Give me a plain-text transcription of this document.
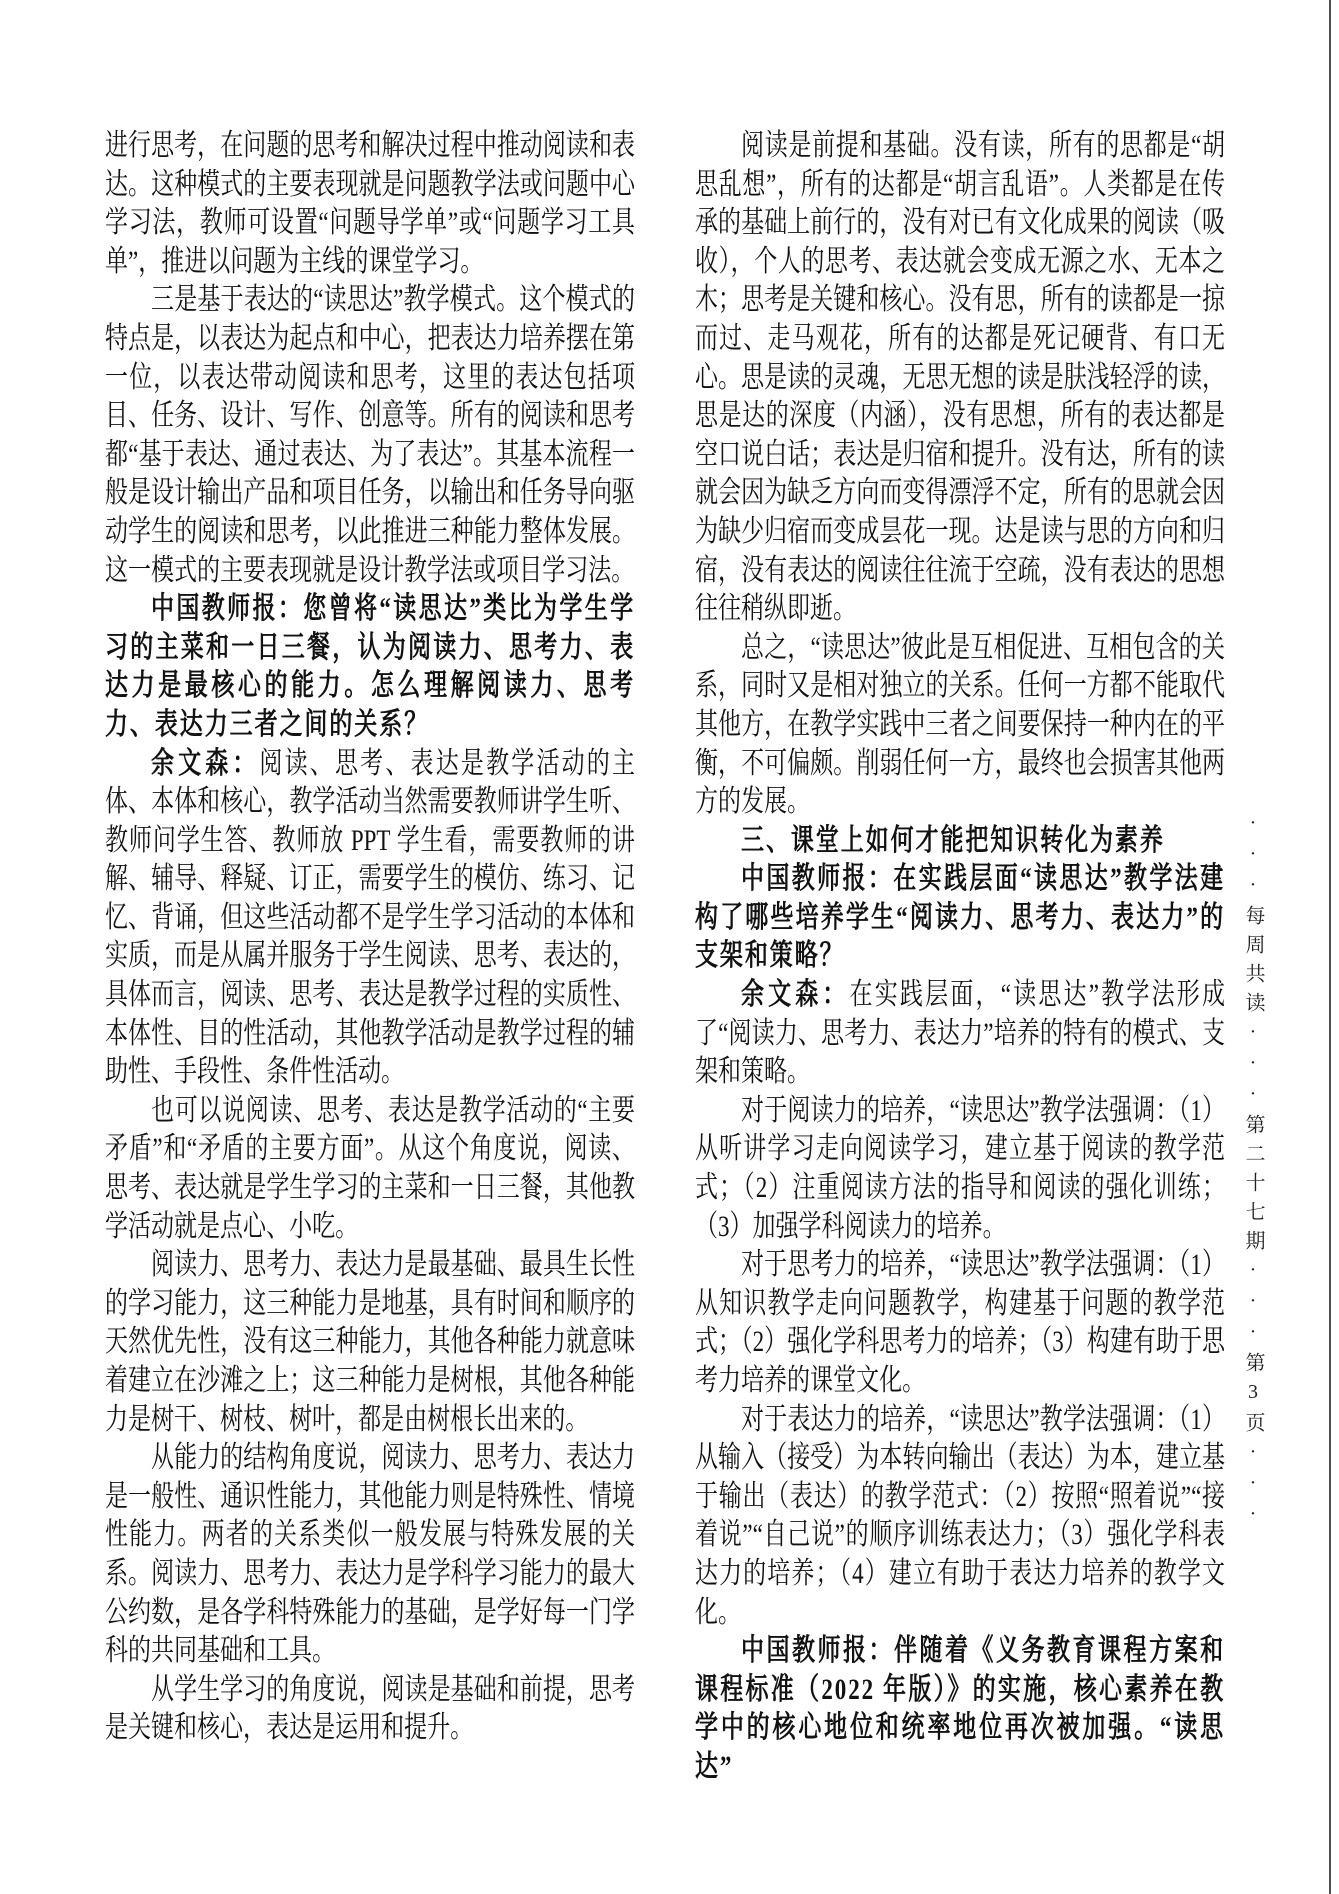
进行思考，在问题的思考和解决过程中推动阅读和表达。这种模式的主要表现就是问题教学法或问题中心学习法，教师可设置“问题导学单”或“问题学习工具单”，推进以问题为主线的课堂学习。

三是基于表达的“读思达”教学模式。这个模式的特点是，以表达为起点和中心，把表达力培养摆在第一位，以表达带动阅读和思考，这里的表达包括项目、任务、设计、写作、创意等。所有的阅读和思考都“基于表达、通过表达、为了表达”。其基本流程一般是设计输出产品和项目任务，以输出和任务导向驱动学生的阅读和思考，以此推进三种能力整体发展。这一模式的主要表现就是设计教学法或项目学习法。

中国教师报：您曾将“读思达”类比为学生学习的主菜和一日三餐，认为阅读力、思考力、表达力是最核心的能力。怎么理解阅读力、思考力、表达力三者之间的关系？

余文森：阅读、思考、表达是教学活动的主体、本体和核心，教学活动当然需要教师讲学生听、教师问学生答、教师放 PPT 学生看，需要教师的讲解、辅导、释疑、订正，需要学生的模仿、练习、记忆、背诵，但这些活动都不是学生学习活动的本体和实质，而是从属并服务于学生阅读、思考、表达的，具体而言，阅读、思考、表达是教学过程的实质性、本体性、目的性活动，其他教学活动是教学过程的辅助性、手段性、条件性活动。

也可以说阅读、思考、表达是教学活动的“主要矛盾”和“矛盾的主要方面”。从这个角度说，阅读、思考、表达就是学生学习的主菜和一日三餐，其他教学活动就是点心、小吃。

阅读力、思考力、表达力是最基础、最具生长性的学习能力，这三种能力是地基，具有时间和顺序的天然优先性，没有这三种能力，其他各种能力就意味着建立在沙滩之上；这三种能力是树根，其他各种能力是树干、树枝、树叶，都是由树根长出来的。

从能力的结构角度说，阅读力、思考力、表达力是一般性、通识性能力，其他能力则是特殊性、情境性能力。两者的关系类似一般发展与特殊发展的关系。阅读力、思考力、表达力是学科学习能力的最大公约数，是各学科特殊能力的基础，是学好每一门学科的共同基础和工具。

从学生学习的角度说，阅读是基础和前提，思考是关键和核心，表达是运用和提升。

阅读是前提和基础。没有读，所有的思都是“胡思乱想”，所有的达都是“胡言乱语”。人类都是在传承的基础上前行的，没有对已有文化成果的阅读（吸收），个人的思考、表达就会变成无源之水、无本之木；思考是关键和核心。没有思，所有的读都是一掠而过、走马观花，所有的达都是死记硬背、有口无心。思是读的灵魂，无思无想的读是肤浅轻浮的读，思是达的深度（内涵），没有思想，所有的表达都是空口说白话；表达是归宿和提升。没有达，所有的读就会因为缺乏方向而变得漂浮不定，所有的思就会因为缺少归宿而变成昙花一现。达是读与思的方向和归宿，没有表达的阅读往往流于空疏，没有表达的思想往往稍纵即逝。

总之，“读思达”彼此是互相促进、互相包含的关系，同时又是相对独立的关系。任何一方都不能取代其他方，在教学实践中三者之间要保持一种内在的平衡，不可偏颇。削弱任何一方，最终也会损害其他两方的发展。

三、课堂上如何才能把知识转化为素养

中国教师报：在实践层面“读思达”教学法建构了哪些培养学生“阅读力、思考力、表达力”的支架和策略？

余文森：在实践层面，“读思达”教学法形成了“阅读力、思考力、表达力”培养的特有的模式、支架和策略。

对于阅读力的培养，“读思达”教学法强调：（1）从听讲学习走向阅读学习，建立基于阅读的教学范式；（2）注重阅读方法的指导和阅读的强化训练；（3）加强学科阅读力的培养。

对于思考力的培养，“读思达”教学法强调：（1）从知识教学走向问题教学，构建基于问题的教学范式；（2）强化学科思考力的培养；（3）构建有助于思考力培养的课堂文化。

对于表达力的培养，“读思达”教学法强调：（1）从输入（接受）为本转向输出（表达）为本，建立基于输出（表达）的教学范式：（2）按照“照着说”“接着说”“自己说”的顺序训练表达力；（3）强化学科表达力的培养；（4）建立有助于表达力培养的教学文化。

中国教师报：伴随着《义务教育课程方案和课程标准（2022 年版）》的实施，核心素养在教学中的核心地位和统率地位再次被加强。“读思达”

···每周共读···第二十七期···第3页···
